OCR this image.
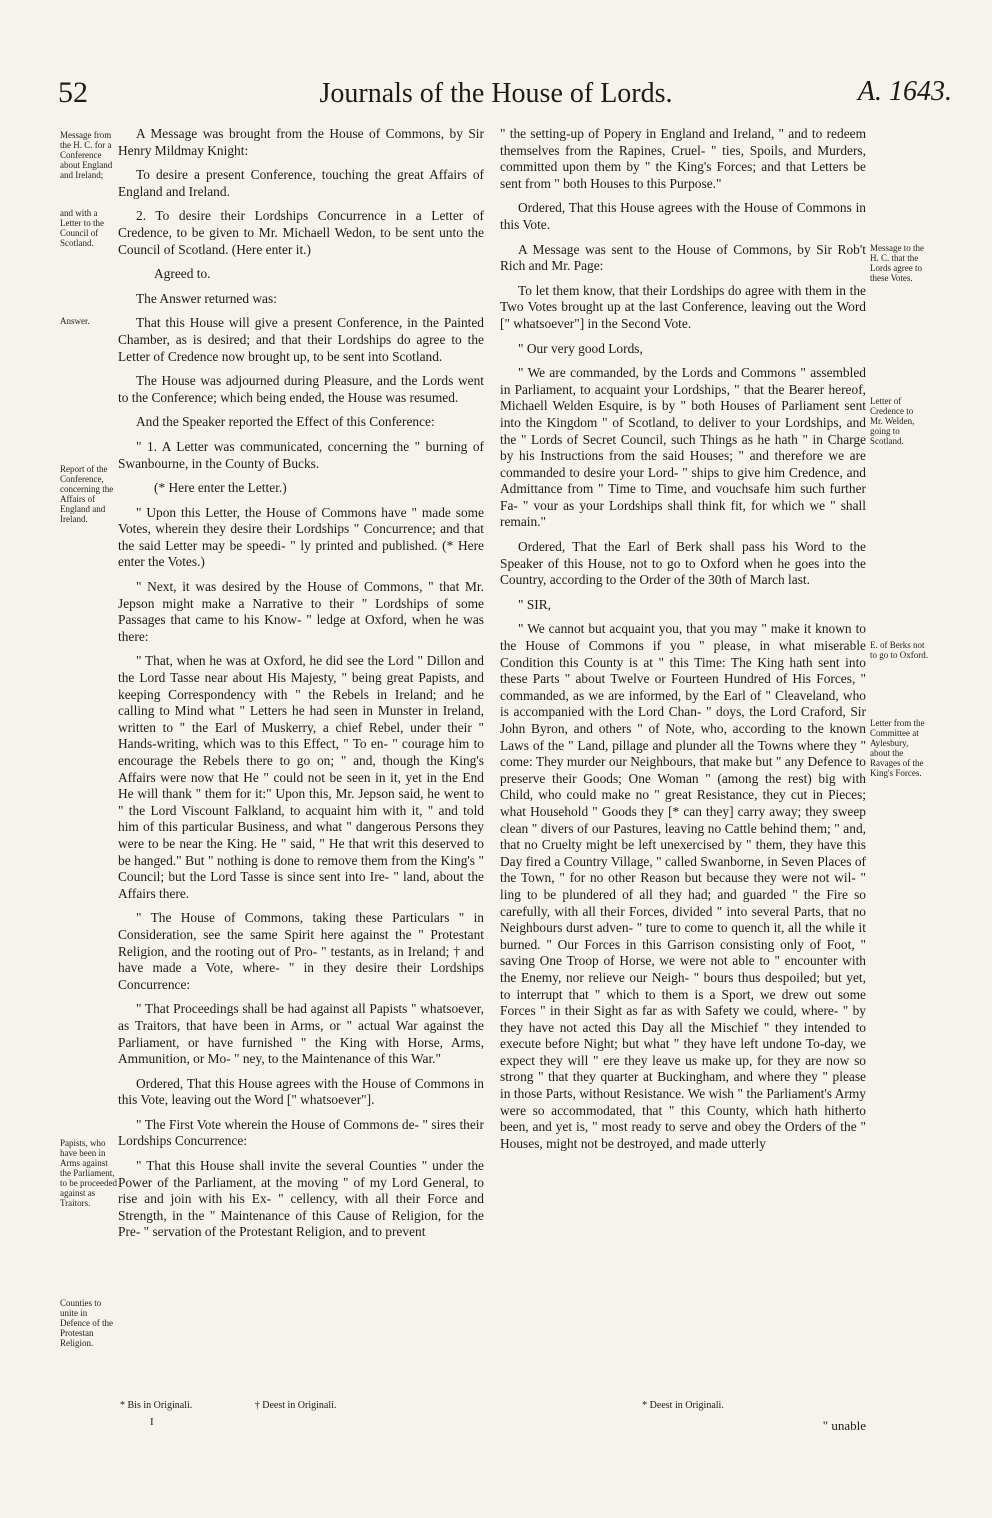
52	Journals of the House of Lords.	A. 1643.
Message from the H. C. for a Conference about England and Ireland;
and with a Letter to the Council of Scotland.
Answer.
Report of the Conference, concerning the Affairs of England and Ireland.
Papists, who have been in Arms against the Parliament, to be proceeded against as Traitors.
Counties to unite in Defence of the Protestan Religion.
Message to the H. C. that the Lords agree to these Votes.
Letter of Credence to Mr. Welden, going to Scotland.
E. of Berks not to go to Oxford.
Letter from the Committee at Aylesbury, about the Ravages of the King's Forces.

A Message was brought from the House of Commons, by Sir Henry Mildmay Knight:

To desire a present Conference, touching the great Affairs of England and Ireland.

2. To desire their Lordships Concurrence in a Letter of Credence, to be given to Mr. Michaell Wedon, to be sent unto the Council of Scotland. (Here enter it.)

Agreed to.

The Answer returned was:

That this House will give a present Conference, in the Painted Chamber, as is desired; and that their Lordships do agree to the Letter of Credence now brought up, to be sent into Scotland.

The House was adjourned during Pleasure, and the Lords went to the Conference; which being ended, the House was resumed.

And the Speaker reported the Effect of this Conference:

" 1. A Letter was communicated, concerning the " burning of Swanbourne, in the County of Bucks.

(* Here enter the Letter.)

" Upon this Letter, the House of Commons have " made some Votes, wherein they desire their Lordships " Concurrence; and that the said Letter may be speedi- " ly printed and published. (* Here enter the Votes.)

" Next, it was desired by the House of Commons, " that Mr. Jepson might make a Narrative to their " Lordships of some Passages that came to his Know- " ledge at Oxford, when he was there:

" That, when he was at Oxford, he did see the Lord " Dillon and the Lord Tasse near about His Majesty, " being great Papists, and keeping Correspondency with " the Rebels in Ireland; and he calling to Mind what " Letters he had seen in Munster in Ireland, written to " the Earl of Muskerry, a chief Rebel, under their " Hands-writing, which was to this Effect, " To en- " courage him to encourage the Rebels there to go on; " and, though the King's Affairs were now that He " could not be seen in it, yet in the End He will thank " them for it:" Upon this, Mr. Jepson said, he went to " the Lord Viscount Falkland, to acquaint him with it, " and told him of this particular Business, and what " dangerous Persons they were to be near the King. He " said, " He that writ this deserved to be hanged." But " nothing is done to remove them from the King's " Council; but the Lord Tasse is since sent into Ire- " land, about the Affairs there.

" The House of Commons, taking these Particulars " in Consideration, see the same Spirit here against the " Protestant Religion, and the rooting out of Pro- " testants, as in Ireland; † and have made a Vote, where- " in they desire their Lordships Concurrence:

" That Proceedings shall be had against all Papists " whatsoever, as Traitors, that have been in Arms, or " actual War against the Parliament, or have furnished " the King with Horse, Arms, Ammunition, or Mo- " ney, to the Maintenance of this War."

Ordered, That this House agrees with the House of Commons in this Vote, leaving out the Word [" whatsoever"].

" The First Vote wherein the House of Commons de- " sires their Lordships Concurrence:

" That this House shall invite the several Counties " under the Power of the Parliament, at the moving " of my Lord General, to rise and join with his Ex- " cellency, with all their Force and Strength, in the " Maintenance of this Cause of Religion, for the Pre- " servation of the Protestant Religion, and to prevent

" the setting-up of Popery in England and Ireland, " and to redeem themselves from the Rapines, Cruel- " ties, Spoils, and Murders, committed upon them by " the King's Forces; and that Letters be sent from " both Houses to this Purpose."

Ordered, That this House agrees with the House of Commons in this Vote.

A Message was sent to the House of Commons, by Sir Rob't Rich and Mr. Page:

To let them know, that their Lordships do agree with them in the Two Votes brought up at the last Conference, leaving out the Word [" whatsoever"] in the Second Vote.

" Our very good Lords,

" We are commanded, by the Lords and Commons " assembled in Parliament, to acquaint your Lordships, " that the Bearer hereof, Michaell Welden Esquire, is by " both Houses of Parliament sent into the Kingdom " of Scotland, to deliver to your Lordships, and the " Lords of Secret Council, such Things as he hath " in Charge by his Instructions from the said Houses; " and therefore we are commanded to desire your Lord- " ships to give him Credence, and Admittance from " Time to Time, and vouchsafe him such further Fa- " vour as your Lordships shall think fit, for which we " shall remain."

Ordered, That the Earl of Berk shall pass his Word to the Speaker of this House, not to go to Oxford when he goes into the Country, according to the Order of the 30th of March last.

" SIR,

" We cannot but acquaint you, that you may " make it known to the House of Commons if you " please, in what miserable Condition this County is at " this Time: The King hath sent into these Parts " about Twelve or Fourteen Hundred of His Forces, " commanded, as we are informed, by the Earl of " Cleaveland, who is accompanied with the Lord Chan- " doys, the Lord Craford, Sir John Byron, and others " of Note, who, according to the known Laws of the " Land, pillage and plunder all the Towns where they " come: They murder our Neighbours, that make but " any Defence to preserve their Goods; One Woman " (among the rest) big with Child, who could make no " great Resistance, they cut in Pieces; what Household " Goods they [* can they] carry away; they sweep clean " divers of our Pastures, leaving no Cattle behind them; " and, that no Cruelty might be left unexercised by " them, they have this Day fired a Country Village, " called Swanborne, in Seven Places of the Town, " for no other Reason but because they were not wil- " ling to be plundered of all they had; and guarded " the Fire so carefully, with all their Forces, divided " into several Parts, that no Neighbours durst adven- " ture to come to quench it, all the while it burned. " Our Forces in this Garrison consisting only of Foot, " saving One Troop of Horse, we were not able to " encounter with the Enemy, nor relieve our Neigh- " bours thus despoiled; but yet, to interrupt that " which to them is a Sport, we drew out some Forces " in their Sight as far as with Safety we could, where- " by they have not acted this Day all the Mischief " they intended to execute before Night; but what " they have left undone To-day, we expect they will " ere they leave us make up, for they are now so strong " that they quarter at Buckingham, and where they " please in those Parts, without Resistance. We wish " the Parliament's Army were so accommodated, that " this County, which hath hitherto been, and yet is, " most ready to serve and obey the Orders of the " Houses, might not be destroyed, and made utterly

* Bis in Originali.	† Deest in Originali.	* Deest in Originali.
I	" unable
